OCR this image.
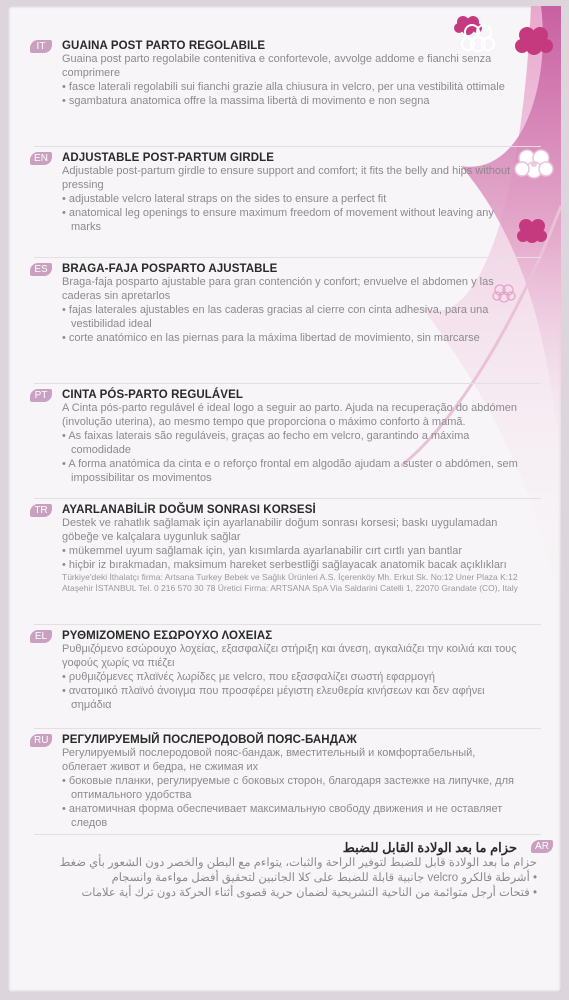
IT	GUAINA POST PARTO REGOLABILE
Guaina post parto regolabile contenitiva e confortevole, avvolge addome e fianchi senza comprimere
• fasce laterali regolabili sui fianchi grazie alla chiusura in velcro, per una vestibilità ottimale
• sgambatura anatomica offre la massima libertà di movimento e non segna
EN	ADJUSTABLE POST-PARTUM GIRDLE
Adjustable post-partum girdle to ensure support and comfort; it fits the belly and hips without pressing
• adjustable velcro lateral straps on the sides to ensure a perfect fit
• anatomical leg openings to ensure maximum freedom of movement without leaving any marks
ES	BRAGA-FAJA POSPARTO AJUSTABLE
Braga-faja posparto ajustable para gran contención y confort; envuelve el abdomen y las caderas sin apretarlos
• fajas laterales ajustables en las caderas gracias al cierre con cinta adhesiva, para una vestibilidad ideal
• corte anatómico en las piernas para la máxima libertad de movimiento, sin marcarse
PT	CINTA PÓS-PARTO REGULÁVEL
A Cinta pós-parto regulável é ideal logo a seguir ao parto. Ajuda na recuperação do abdómen (involução uterina), ao mesmo tempo que proporciona o máximo conforto à mamã.
• As faixas laterais são reguláveis, graças ao fecho em velcro, garantindo a máxima comodidade
• A forma anatómica da cinta e o reforço frontal em algodão ajudam a suster o abdómen, sem impossibilitar os movimentos
TR	AYARLANABİLİR DOĞUM SONRASI KORSESİ
Destek ve rahatlık sağlamak için ayarlanabilir doğum sonrası korsesi; baskı uygulamadan göbeğe ve kalçalara uygunluk sağlar
• mükemmel uyum sağlamak için, yan kısımlarda ayarlanabilir cırt cırtlı yan bantlar
• hiçbir iz bırakmadan, maksimum hareket serbestliği sağlayacak anatomik bacak açıklıkları
Türkiye'deki İthalatçı firma: Artsana Turkey Bebek ve Sağlık Ürünleri A.S. İçerenköy Mh. Erkut Sk. No:12 Uner Plaza K:12 Ataşehir İSTANBUL Tel. 0 216 570 30 78 Üretici Firma: ARTSANA SpA Via Saldarini Catelli 1, 22070 Grandate (CO), Italy
EL	ΡΥΘΜΙΖΟΜΕΝΟ ΕΣΩΡΟΥΧΟ ΛΟΧΕΙΑΣ
Ρυθμιζόμενο εσώρουχο λοχείας, εξασφαλίζει στήριξη και άνεση, αγκαλιάζει την κοιλιά και τους γοφούς χωρίς να πιέζει
• ρυθμιζόμενες πλαϊνές λωρίδες με velcro, που εξασφαλίζει σωστή εφαρμογή
• ανατομικό πλαϊνό άνοιγμα που προσφέρει μέγιστη ελευθερία κινήσεων και δεν αφήνει σημάδια
RU	РЕГУЛИРУЕМЫЙ ПОСЛЕРОДОВОЙ ПОЯС-БАНДАЖ
Регулируемый послеродовой пояс-бандаж, вместительный и комфортабельный, облегает живот и бедра, не сжимая их
• боковые планки, регулируемые с боковых сторон, благодаря застежке на липучке, для оптимального удобства
• анатомичная форма обеспечивает максимальную свободу движения и не оставляет следов
AR
حزام ما بعد الولادة القابل للضبط
حزام ما بعد الولادة قابل للضبط لتوفير الراحة والثبات، يتواءم مع البطن والخصر دون الشعور بأي ضغط
• أشرطة فالكرو velcro جانبية قابلة للضبط على كلا الجانبين لتحقيق أفضل مواءمة وانسجام
• فتحات أرجل متوائمة من الناحية التشريحية لضمان حرية قصوى أثناء الحركة دون ترك أية علامات
